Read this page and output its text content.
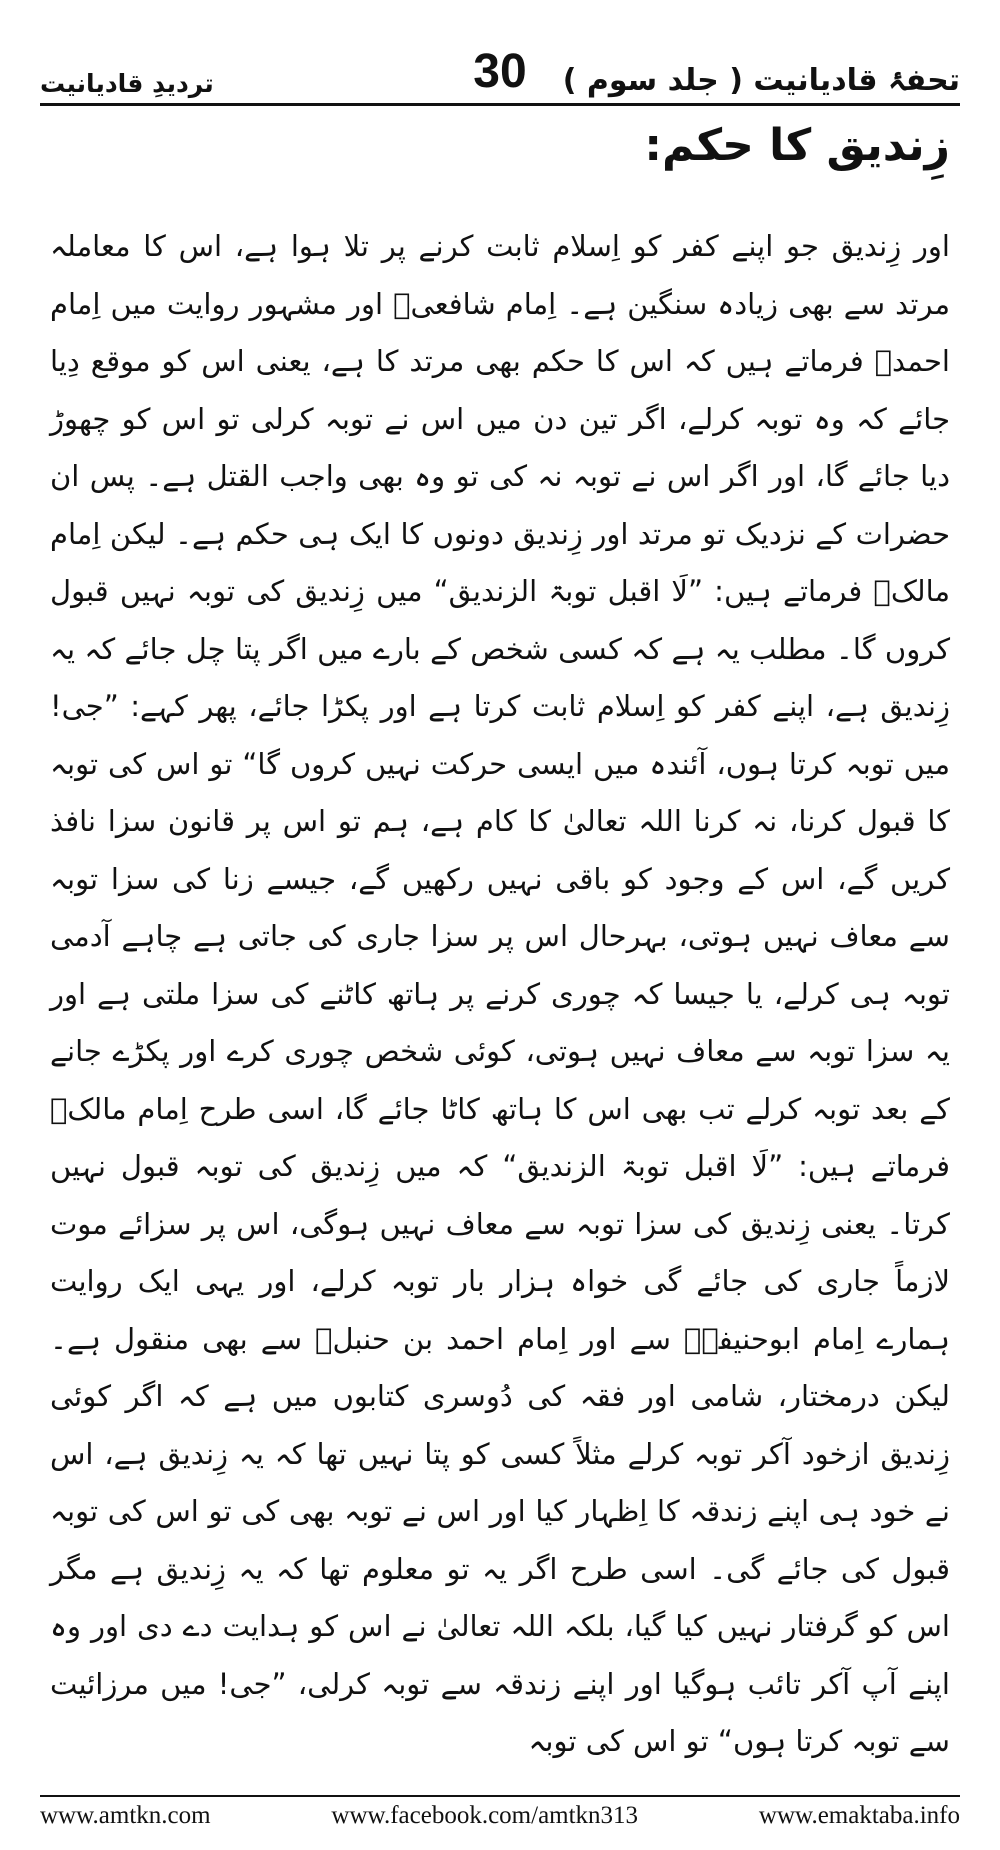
تردیدِ قادیانیت	30 تحفۂ قادیانیت ( جلد سوم )
زِندیق کا حکم:
اور زِندیق جو اپنے کفر کو اِسلام ثابت کرنے پر تلا ہوا ہے، اس کا معاملہ مرتد سے بھی زیادہ سنگین ہے۔ اِمام شافعیؒ اور مشہور روایت میں اِمام احمدؒ فرماتے ہیں کہ اس کا حکم بھی مرتد کا ہے، یعنی اس کو موقع دِیا جائے کہ وہ توبہ کرلے، اگر تین دن میں اس نے توبہ کرلی تو اس کو چھوڑ دیا جائے گا، اور اگر اس نے توبہ نہ کی تو وہ بھی واجب القتل ہے۔ پس ان حضرات کے نزدیک تو مرتد اور زِندیق دونوں کا ایک ہی حکم ہے۔ لیکن اِمام مالکؒ فرماتے ہیں: ”لَا اقبل توبۃ الزندیق“ میں زِندیق کی توبہ نہیں قبول کروں گا۔ مطلب یہ ہے کہ کسی شخص کے بارے میں اگر پتا چل جائے کہ یہ زِندیق ہے، اپنے کفر کو اِسلام ثابت کرتا ہے اور پکڑا جائے، پھر کہے: ”جی! میں توبہ کرتا ہوں، آئندہ میں ایسی حرکت نہیں کروں گا“ تو اس کی توبہ کا قبول کرنا، نہ کرنا اللہ تعالیٰ کا کام ہے، ہم تو اس پر قانون سزا نافذ کریں گے، اس کے وجود کو باقی نہیں رکھیں گے، جیسے زنا کی سزا توبہ سے معاف نہیں ہوتی، بہرحال اس پر سزا جاری کی جاتی ہے چاہے آدمی توبہ ہی کرلے، یا جیسا کہ چوری کرنے پر ہاتھ کاٹنے کی سزا ملتی ہے اور یہ سزا توبہ سے معاف نہیں ہوتی، کوئی شخص چوری کرے اور پکڑے جانے کے بعد توبہ کرلے تب بھی اس کا ہاتھ کاٹا جائے گا، اسی طرح اِمام مالکؒ فرماتے ہیں: ”لَا اقبل توبۃ الزندیق“ کہ میں زِندیق کی توبہ قبول نہیں کرتا۔ یعنی زِندیق کی سزا توبہ سے معاف نہیں ہوگی، اس پر سزائے موت لازماً جاری کی جائے گی خواہ ہزار بار توبہ کرلے، اور یہی ایک روایت ہمارے اِمام ابوحنیفہؒ سے اور اِمام احمد بن حنبلؒ سے بھی منقول ہے۔ لیکن درمختار، شامی اور فقہ کی دُوسری کتابوں میں ہے کہ اگر کوئی زِندیق ازخود آکر توبہ کرلے مثلاً کسی کو پتا نہیں تھا کہ یہ زِندیق ہے، اس نے خود ہی اپنے زندقہ کا اِظہار کیا اور اس نے توبہ بھی کی تو اس کی توبہ قبول کی جائے گی۔ اسی طرح اگر یہ تو معلوم تھا کہ یہ زِندیق ہے مگر اس کو گرفتار نہیں کیا گیا، بلکہ اللہ تعالیٰ نے اس کو ہدایت دے دی اور وہ اپنے آپ آکر تائب ہوگیا اور اپنے زندقہ سے توبہ کرلی، ”جی! میں مرزائیت سے توبہ کرتا ہوں“ تو اس کی توبہ
www.amtkn.com	www.facebook.com/amtkn313	www.emaktaba.info
